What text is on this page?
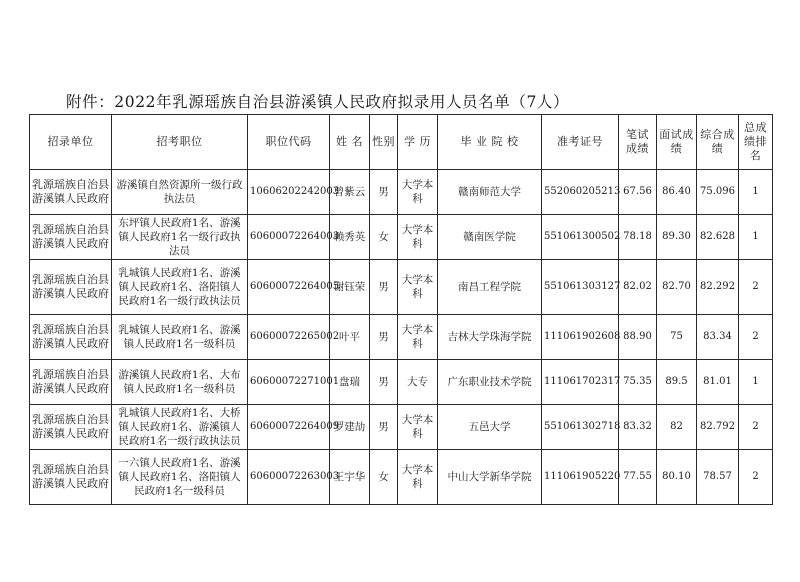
附件：2022年乳源瑶族自治县游溪镇人民政府拟录用人员名单（7人）
招录单位	招考职位	职位代码	姓 名	性别	学 历	毕 业 院 校	准考证号	笔试成绩	面试成绩	综合成绩	总成绩排名
乳源瑶族自治县游溪镇人民政府	游溪镇自然资源所一级行政执法员	10606202242003	曾紫云	男	大学本科	赣南师范大学	552060205213	67.56	86.40	75.096	1
乳源瑶族自治县游溪镇人民政府	东坪镇人民政府1名、游溪镇人民政府1名一级行政执法员	60600072264003	赖秀英	女	大学本科	赣南医学院	551061300502	78.18	89.30	82.628	1
乳源瑶族自治县游溪镇人民政府	乳城镇人民政府1名、游溪镇人民政府1名、洛阳镇人民政府1名一级行政执法员	60600072264005	谢钰荣	男	大学本科	南昌工程学院	551061303127	82.02	82.70	82.292	2
乳源瑶族自治县游溪镇人民政府	乳城镇人民政府1名、游溪镇人民政府1名一级科员	60600072265002	叶平	男	大学本科	吉林大学珠海学院	111061902608	88.90	75	83.34	2
乳源瑶族自治县游溪镇人民政府	游溪镇人民政府1名、大布镇人民政府1名一级科员	60600072271001	盘瑞	男	大专	广东职业技术学院	111061702317	75.35	89.5	81.01	1
乳源瑶族自治县游溪镇人民政府	乳城镇人民政府1名、大桥镇人民政府1名、游溪镇人民政府1名一级行政执法员	60600072264009	罗建劼	男	大学本科	五邑大学	551061302718	83.32	82	82.792	2
乳源瑶族自治县游溪镇人民政府	一六镇人民政府1名、游溪镇人民政府1名、洛阳镇人民政府1名一级科员	60600072263003	王宇华	女	大学本科	中山大学新华学院	111061905220	77.55	80.10	78.57	2
